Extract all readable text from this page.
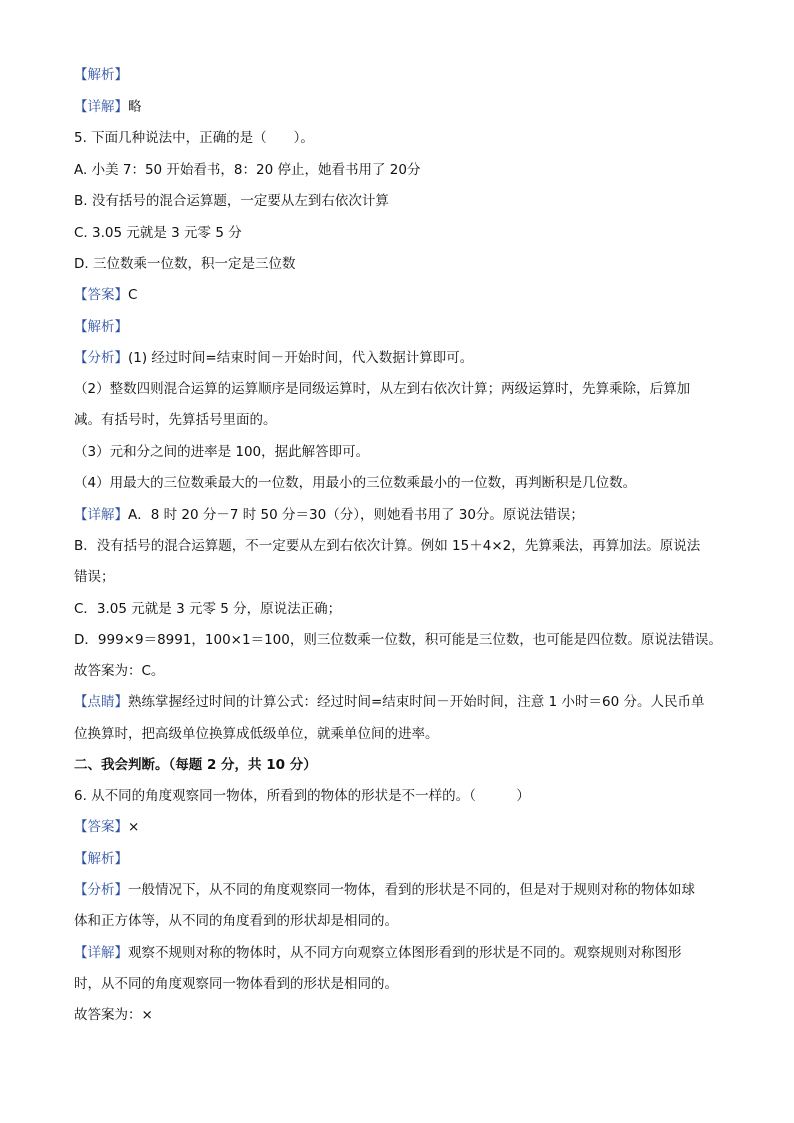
【解析】
【详解】略
5. 下面几种说法中，正确的是（　　）。
A. 小美 7：50 开始看书，8：20 停止，她看书用了 20分
B. 没有括号的混合运算题，一定要从左到右依次计算
C. 3.05 元就是 3 元零 5 分
D. 三位数乘一位数，积一定是三位数
【答案】C
【解析】
【分析】(1) 经过时间=结束时间－开始时间，代入数据计算即可。
（2）整数四则混合运算的运算顺序是同级运算时，从左到右依次计算；两级运算时，先算乘除，后算加
减。有括号时，先算括号里面的。
（3）元和分之间的进率是 100，据此解答即可。
（4）用最大的三位数乘最大的一位数，用最小的三位数乘最小的一位数，再判断积是几位数。
【详解】A．8 时 20 分－7 时 50 分＝30（分），则她看书用了 30分。原说法错误；
B．没有括号的混合运算题，不一定要从左到右依次计算。例如 15＋4×2，先算乘法，再算加法。原说法
错误；
C．3.05 元就是 3 元零 5 分，原说法正确；
D．999×9＝8991，100×1＝100，则三位数乘一位数，积可能是三位数，也可能是四位数。原说法错误。
故答案为：C。
【点睛】熟练掌握经过时间的计算公式：经过时间=结束时间－开始时间，注意 1 小时＝60 分。人民币单
位换算时，把高级单位换算成低级单位，就乘单位间的进率。
二、我会判断。（每题 2 分，共 10 分）
6. 从不同的角度观察同一物体，所看到的物体的形状是不一样的。（　　　）
【答案】×
【解析】
【分析】一般情况下，从不同的角度观察同一物体，看到的形状是不同的，但是对于规则对称的物体如球
体和正方体等，从不同的角度看到的形状却是相同的。
【详解】观察不规则对称的物体时，从不同方向观察立体图形看到的形状是不同的。观察规则对称图形
时，从不同的角度观察同一物体看到的形状是相同的。
故答案为：×
